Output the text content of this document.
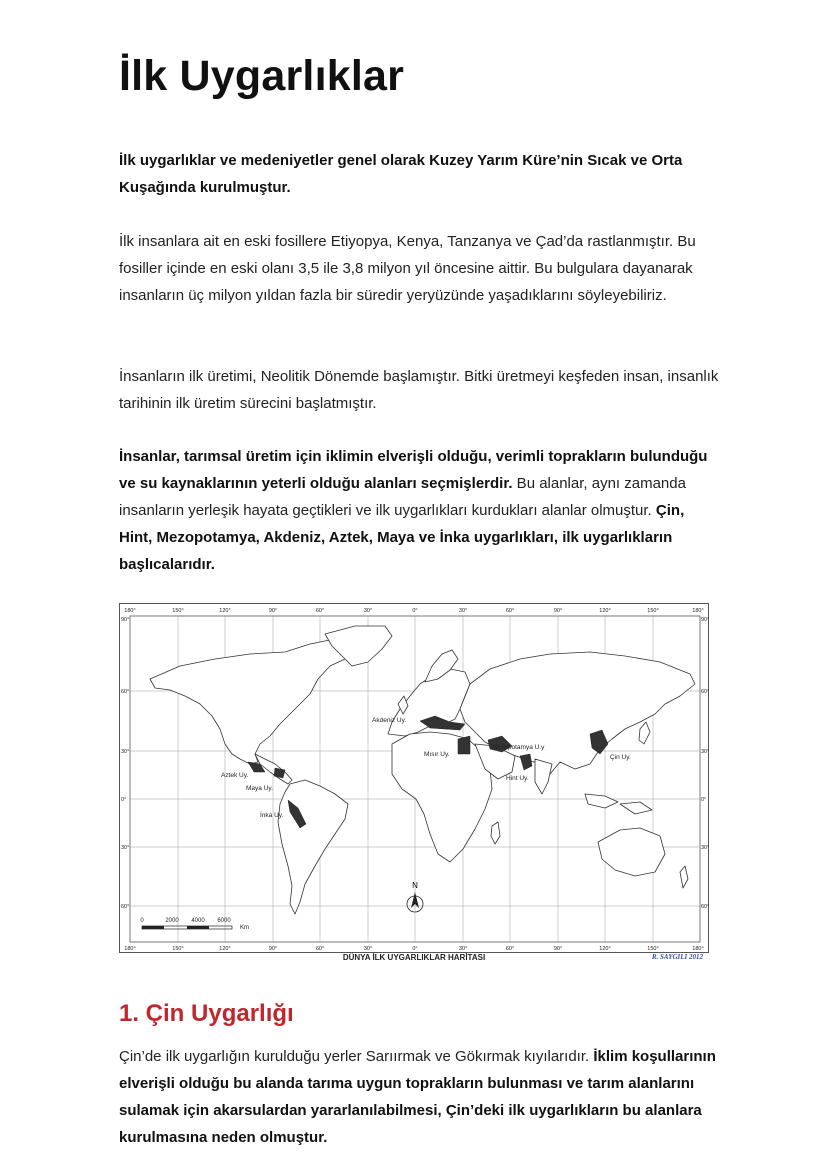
İlk Uygarlıklar

İlk uygarlıklar ve medeniyetler genel olarak Kuzey Yarım Küre’nin Sıcak ve Orta Kuşağında kurulmuştur.

İlk insanlara ait en eski fosillere Etiyopya, Kenya, Tanzanya ve Çad’da rastlanmıştır. Bu fosiller içinde en eski olanı 3,5 ile 3,8 milyon yıl öncesine aittir. Bu bulgulara dayanarak insanların üç milyon yıldan fazla bir süredir yeryüzünde yaşadıklarını söyleyebiliriz.

İnsanların ilk üretimi, Neolitik Dönemde başlamıştır. Bitki üretmeyi keşfeden insan, insanlık tarihinin ilk üretim sürecini başlatmıştır.

İnsanlar, tarımsal üretim için iklimin elverişli olduğu, verimli toprakların bulunduğu ve su kaynaklarının yeterli olduğu alanları seçmişlerdir. Bu alanlar, aynı zamanda insanların yerleşik hayata geçtikleri ve ilk uygarlıkları kurdukları alanlar olmuştur. Çin, Hint, Mezopotamya, Akdeniz, Aztek, Maya ve İnka uygarlıkları, ilk uygarlıkların başlıcalarıdır.

1. Çin Uygarlığı

Çin’de ilk uygarlığın kurulduğu yerler Sarıırmak ve Gökırmak kıyılarıdır. İklim koşullarının elverişli olduğu bu alanda tarıma uygun toprakların bulunması ve tarım alanlarını sulamak için akarsulardan yararlanılabilmesi, Çin’deki ilk uygarlıkların bu alanlara kurulmasına neden olmuştur.

N
0	2000 4000 6000
Km
Akdeniz Uy.
Mısır Uy.
Mezopotamya U.y
Hint Uy.
Çin Uy.
Aztek Uy.
Maya Uy.
İnka Uy.
180°	150°	120°	90°	60°	30°	0°	30°	60°	90°	120°	150°	180°
180°	150°	120°	90°	60°	30°	0°	30°	60°	90°	120°	150°	180°
90°
60°
30°
0°
30°
60°
90°
60°
30°
0°
30°
60°
DÜNYA İLK UYGARLIKLAR HARİTASI	R. SAYGILI 2012
